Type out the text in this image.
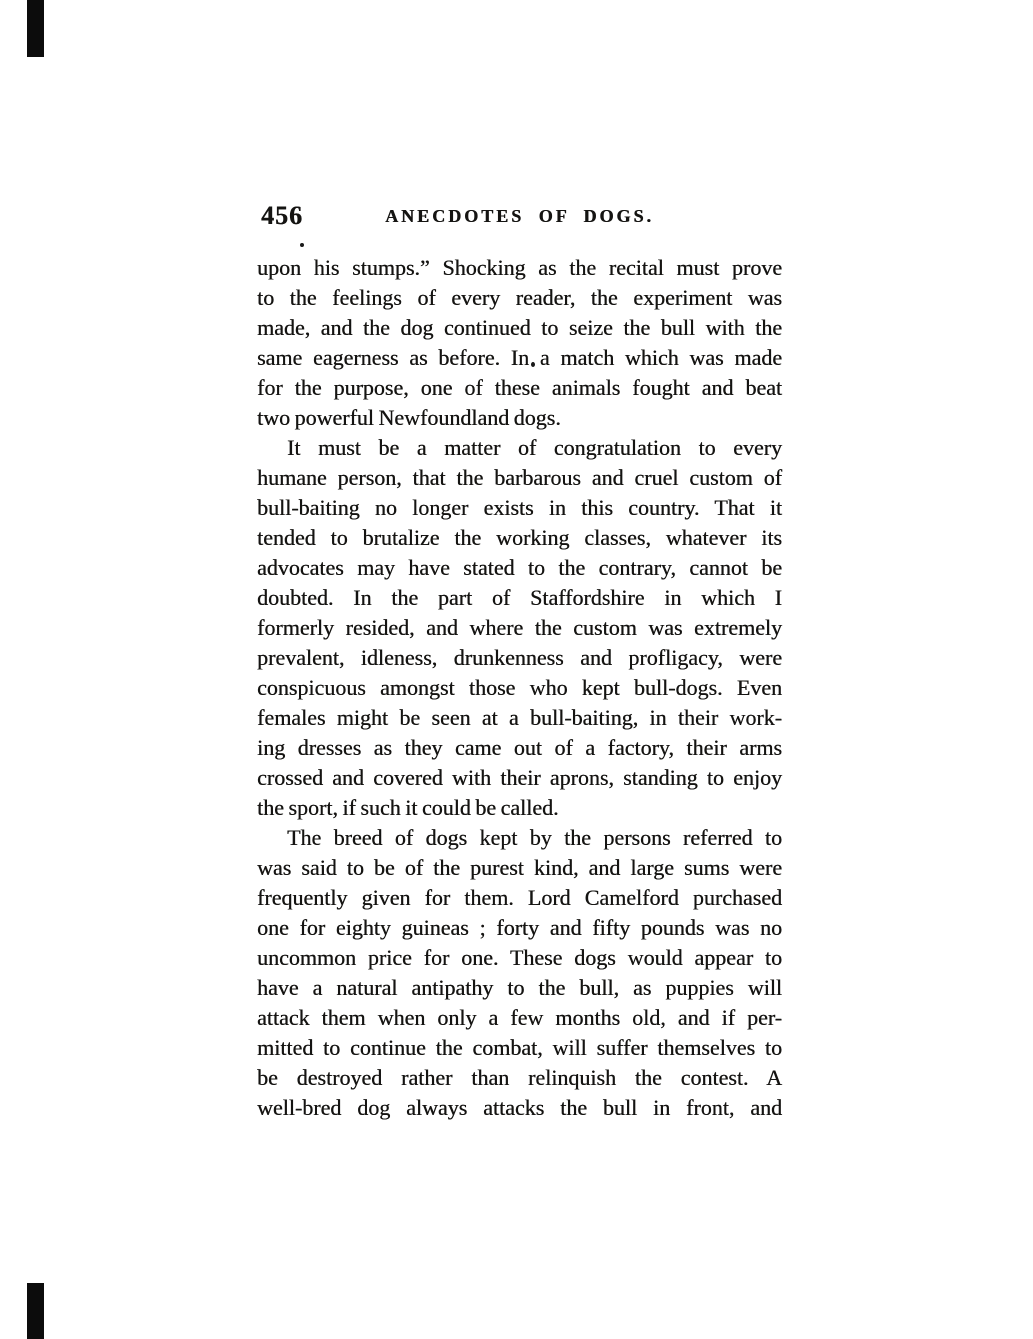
456	ANECDOTES OF DOGS.
upon his stumps.” Shocking as the recital must prove
to the feelings of every reader, the experiment was
made, and the dog continued to seize the bull with the
same eagerness as before. In a match which was made
for the purpose, one of these animals fought and beat
two powerful Newfoundland dogs.
It must be a matter of congratulation to every
humane person, that the barbarous and cruel custom of
bull-baiting no longer exists in this country. That it
tended to brutalize the working classes, whatever its
advocates may have stated to the contrary, cannot be
doubted. In the part of Staffordshire in which I
formerly resided, and where the custom was extremely
prevalent, idleness, drunkenness and profligacy, were
conspicuous amongst those who kept bull-dogs. Even
females might be seen at a bull-baiting, in their work-
ing dresses as they came out of a factory, their arms
crossed and covered with their aprons, standing to enjoy
the sport, if such it could be called.
The breed of dogs kept by the persons referred to
was said to be of the purest kind, and large sums were
frequently given for them. Lord Camelford purchased
one for eighty guineas ; forty and fifty pounds was no
uncommon price for one. These dogs would appear to
have a natural antipathy to the bull, as puppies will
attack them when only a few months old, and if per-
mitted to continue the combat, will suffer themselves to
be destroyed rather than relinquish the contest. A
well-bred dog always attacks the bull in front, and
